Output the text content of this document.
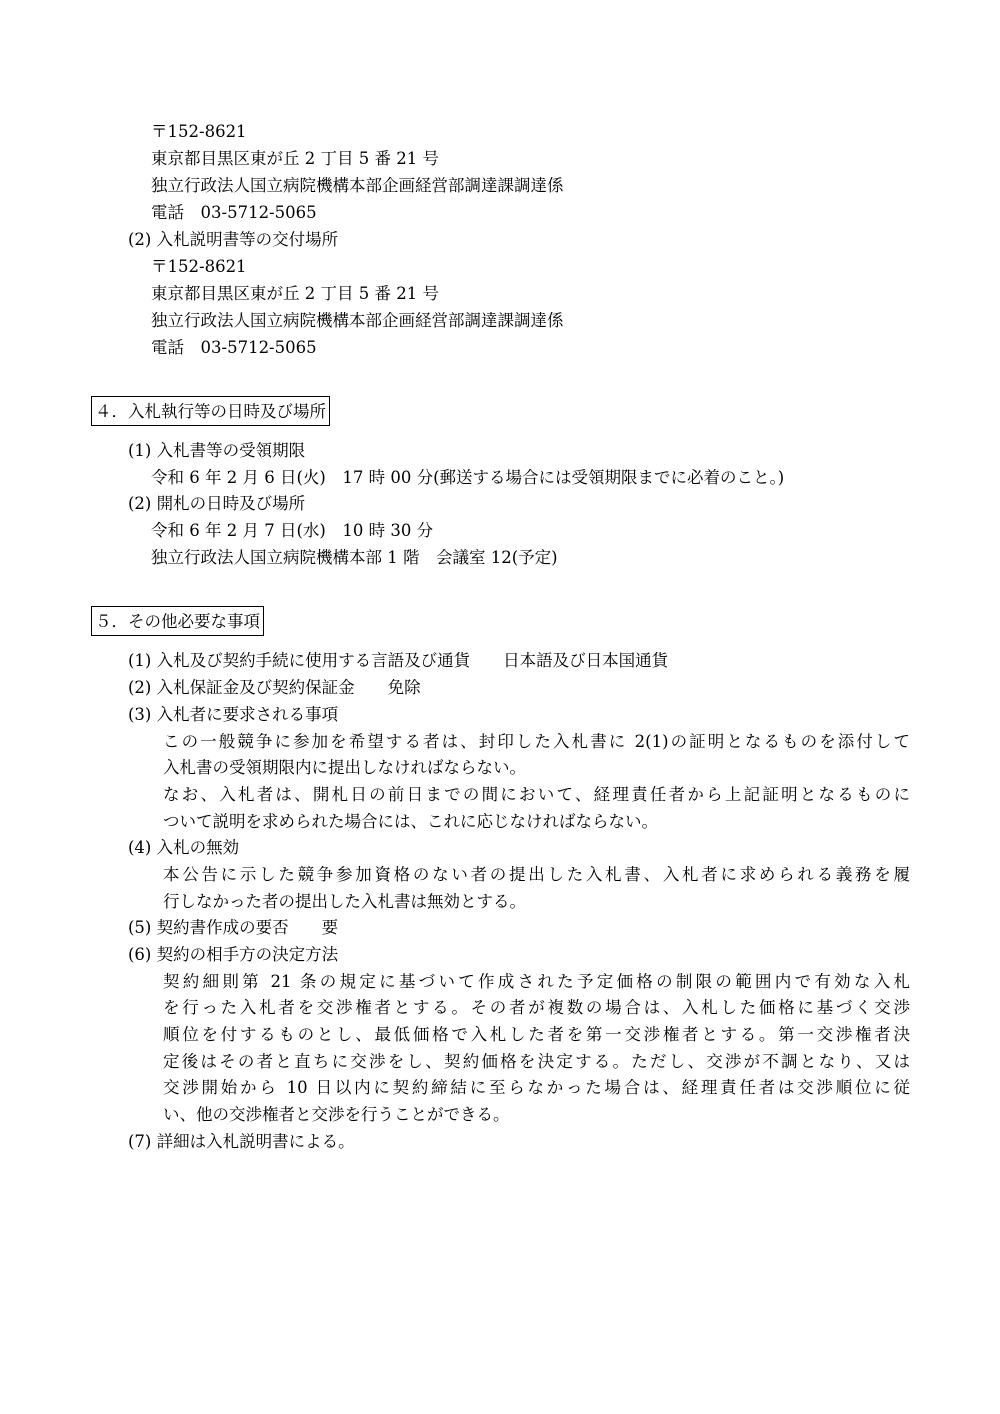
〒152-8621
東京都目黒区東が丘 2 丁目 5 番 21 号
独立行政法人国立病院機構本部企画経営部調達課調達係
電話　03-5712-5065
(2) 入札説明書等の交付場所
〒152-8621
東京都目黒区東が丘 2 丁目 5 番 21 号
独立行政法人国立病院機構本部企画経営部調達課調達係
電話　03-5712-5065
４．入札執行等の日時及び場所
(1) 入札書等の受領期限
令和 6 年 2 月 6 日(火)　17 時 00 分(郵送する場合には受領期限までに必着のこと。)
(2) 開札の日時及び場所
令和 6 年 2 月 7 日(水)　10 時 30 分
独立行政法人国立病院機構本部 1 階　会議室 12(予定)
５．その他必要な事項
(1) 入札及び契約手続に使用する言語及び通貨　　日本語及び日本国通貨
(2) 入札保証金及び契約保証金　　免除
(3) 入札者に要求される事項
この一般競争に参加を希望する者は、封印した入札書に 2(1)の証明となるものを添付して
入札書の受領期限内に提出しなければならない。
なお、入札者は、開札日の前日までの間において、経理責任者から上記証明となるものに
ついて説明を求められた場合には、これに応じなければならない。
(4) 入札の無効
本公告に示した競争参加資格のない者の提出した入札書、入札者に求められる義務を履
行しなかった者の提出した入札書は無効とする。
(5) 契約書作成の要否　　要
(6) 契約の相手方の決定方法
契約細則第 21 条の規定に基づいて作成された予定価格の制限の範囲内で有効な入札
を行った入札者を交渉権者とする。その者が複数の場合は、入札した価格に基づく交渉
順位を付するものとし、最低価格で入札した者を第一交渉権者とする。第一交渉権者決
定後はその者と直ちに交渉をし、契約価格を決定する。ただし、交渉が不調となり、又は
交渉開始から 10 日以内に契約締結に至らなかった場合は、経理責任者は交渉順位に従
い、他の交渉権者と交渉を行うことができる。
(7) 詳細は入札説明書による。
